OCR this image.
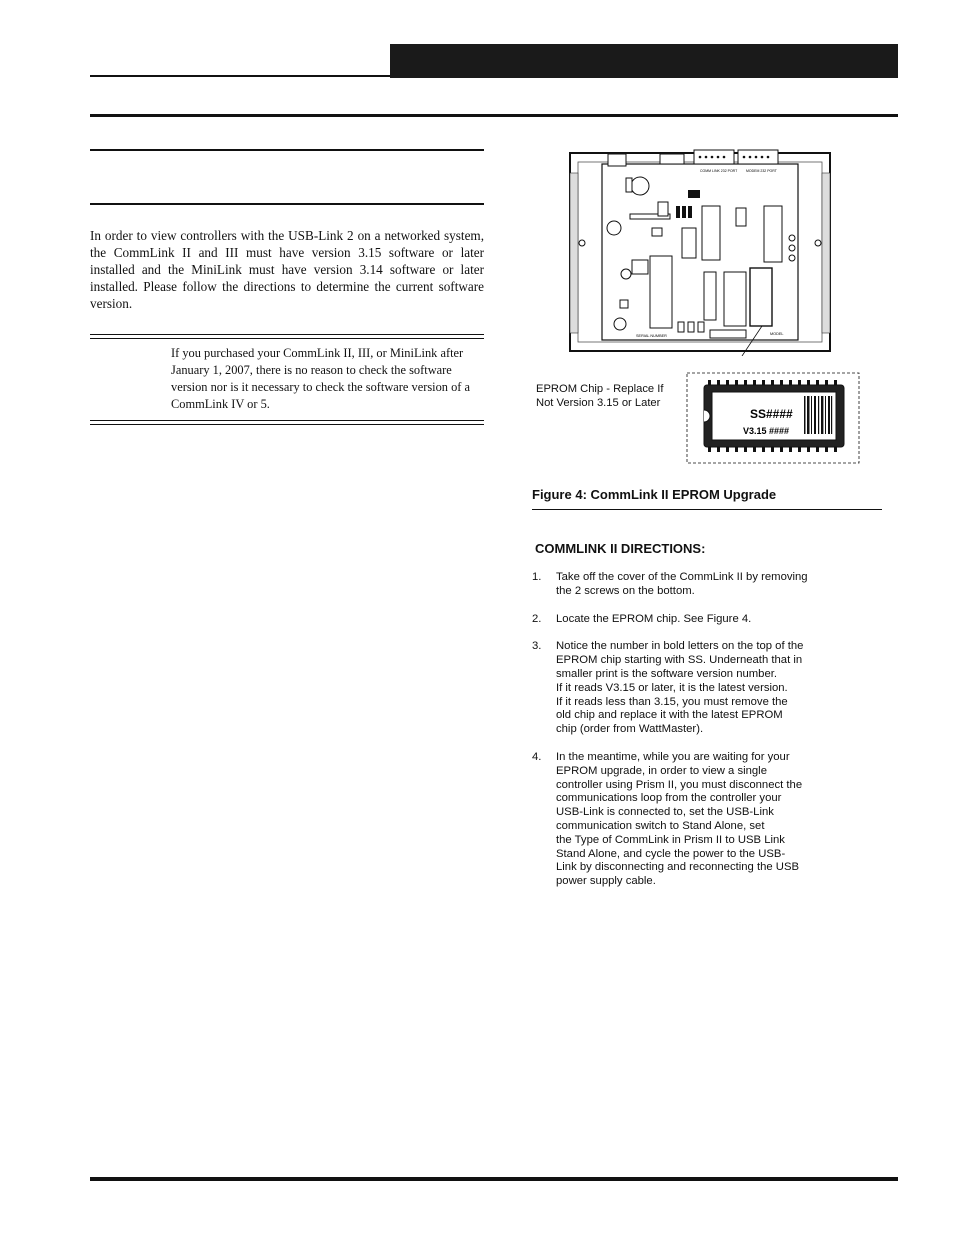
In order to view controllers with the USB-Link 2 on a networked system, the CommLink II and III must have version 3.15 software or later installed and the MiniLink must have version 3.14 software or later installed. Please follow the directions to determine the current software version.

If you purchased your CommLink II, III, or MiniLink after January 1, 2007, there is no reason to check the software version nor is it necessary to check the software version of a CommLink IV or 5.

COMM LINK 232 PORT MODEM 232 PORT
SERIAL NUMBER	MODEL
EPROM Chip - Replace If
Not Version 3.15 or Later
SS####
V3.15 ####
Figure 4: CommLink II EPROM Upgrade
COMMLINK II DIRECTIONS:
1. Take off the cover of the CommLink II by removing
the 2 screws on the bottom.
2. Locate the EPROM chip. See Figure 4.
3. Notice the number in bold letters on the top of the
EPROM chip starting with SS. Underneath that in
smaller print is the software version number.
If it reads V3.15 or later, it is the latest version.
If it reads less than 3.15, you must remove the
old chip and replace it with the latest EPROM
chip (order from WattMaster).
4. In the meantime, while you are waiting for your
EPROM upgrade, in order to view a single
controller using Prism II, you must disconnect the
communications loop from the controller your
USB-Link is connected to, set the USB-Link
communication switch to Stand Alone, set
the Type of CommLink in Prism II to USB Link
Stand Alone, and cycle the power to the USB-
Link by disconnecting and reconnecting the USB
power supply cable.
